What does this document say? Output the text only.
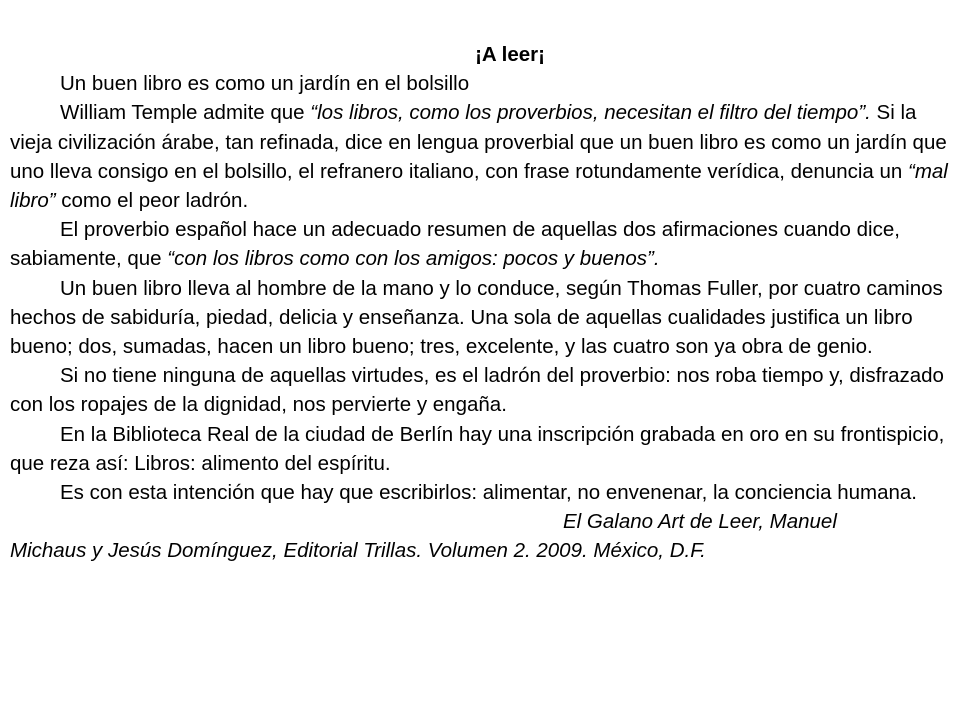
¡A leer¡

Un buen libro es como un jardín en el bolsillo

William Temple admite que “los libros, como los proverbios, necesitan el filtro del tiempo”. Si la vieja civilización árabe, tan refinada, dice en lengua proverbial que un buen libro es como un jardín que uno lleva consigo en el bolsillo, el refranero italiano, con frase rotundamente verídica, denuncia un “mal libro” como el peor ladrón.

El proverbio español hace un adecuado resumen de aquellas dos afirmaciones cuando dice, sabiamente, que “con los libros como con los amigos: pocos y buenos”.

Un buen libro lleva al hombre de la mano y lo conduce, según Thomas Fuller, por cuatro caminos hechos de sabiduría, piedad, delicia y enseñanza. Una sola de aquellas cualidades justifica un libro bueno; dos, sumadas, hacen un libro bueno; tres, excelente, y las cuatro son ya obra de genio.

Si no tiene ninguna de aquellas virtudes, es el ladrón del proverbio: nos roba tiempo y, disfrazado con los ropajes de la dignidad, nos pervierte y engaña.

En la Biblioteca Real de la ciudad de Berlín hay una inscripción grabada en oro en su frontispicio, que reza así: Libros: alimento del espíritu.

Es con esta intención que hay que escribirlos: alimentar, no envenenar, la conciencia humana.

El Galano Art de Leer, Manuel
Michaus y Jesús Domínguez, Editorial Trillas. Volumen 2. 2009. México, D.F.
